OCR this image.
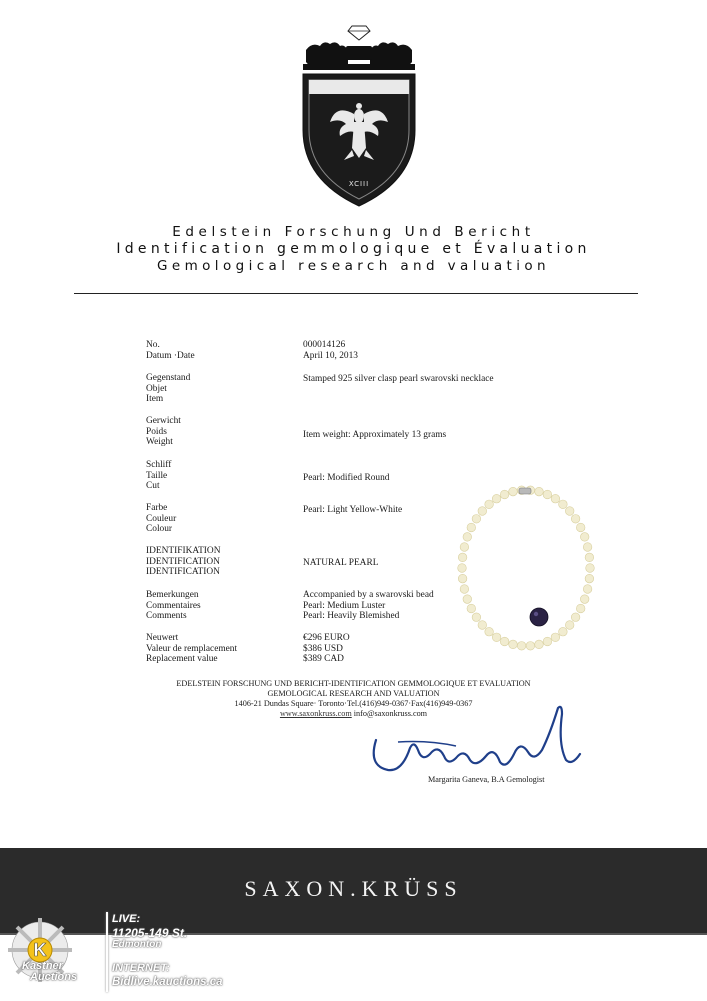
XCIII
Edelstein Forschung Und Bericht
Identification gemmologique et Évaluation
Gemological research and valuation
No.	000014126
Datum ·Date	April 10, 2013
Gegenstand
Objet
Item
Stamped 925 silver clasp pearl swarovski necklace
Gerwicht
Poids
Weight
Item weight: Approximately 13 grams
Schliff
Taille
Cut
Pearl: Modified Round
Farbe
Couleur
Colour
Pearl: Light Yellow-White
IDENTIFIKATION
IDENTIFICATION
IDENTIFICATION
NATURAL PEARL
Bemerkungen
Commentaires
Comments
Accompanied by a swarovski bead
Pearl: Medium Luster
Pearl: Heavily Blemished
Neuwert
Valeur de remplacement
Replacement value
€296 EURO
$386 USD
$389 CAD
EDELSTEIN FORSCHUNG UND BERICHT-IDENTIFICATION GEMMOLOGIQUE ET EVALUATION
GEMOLOGICAL RESEARCH AND VALUATION
1406-21 Dundas Square· Toronto·Tel.(416)949-0367·Fax(416)949-0367
www.saxonkruss.com info@saxonkruss.com
Margarita Ganeva, B.A Gemologist
SAXON.KRÜSS
K
Kastner
Auctions
LIVE:
11205-149 St.
Edmonton
INTERNET:
Bidlive.kauctions.ca
